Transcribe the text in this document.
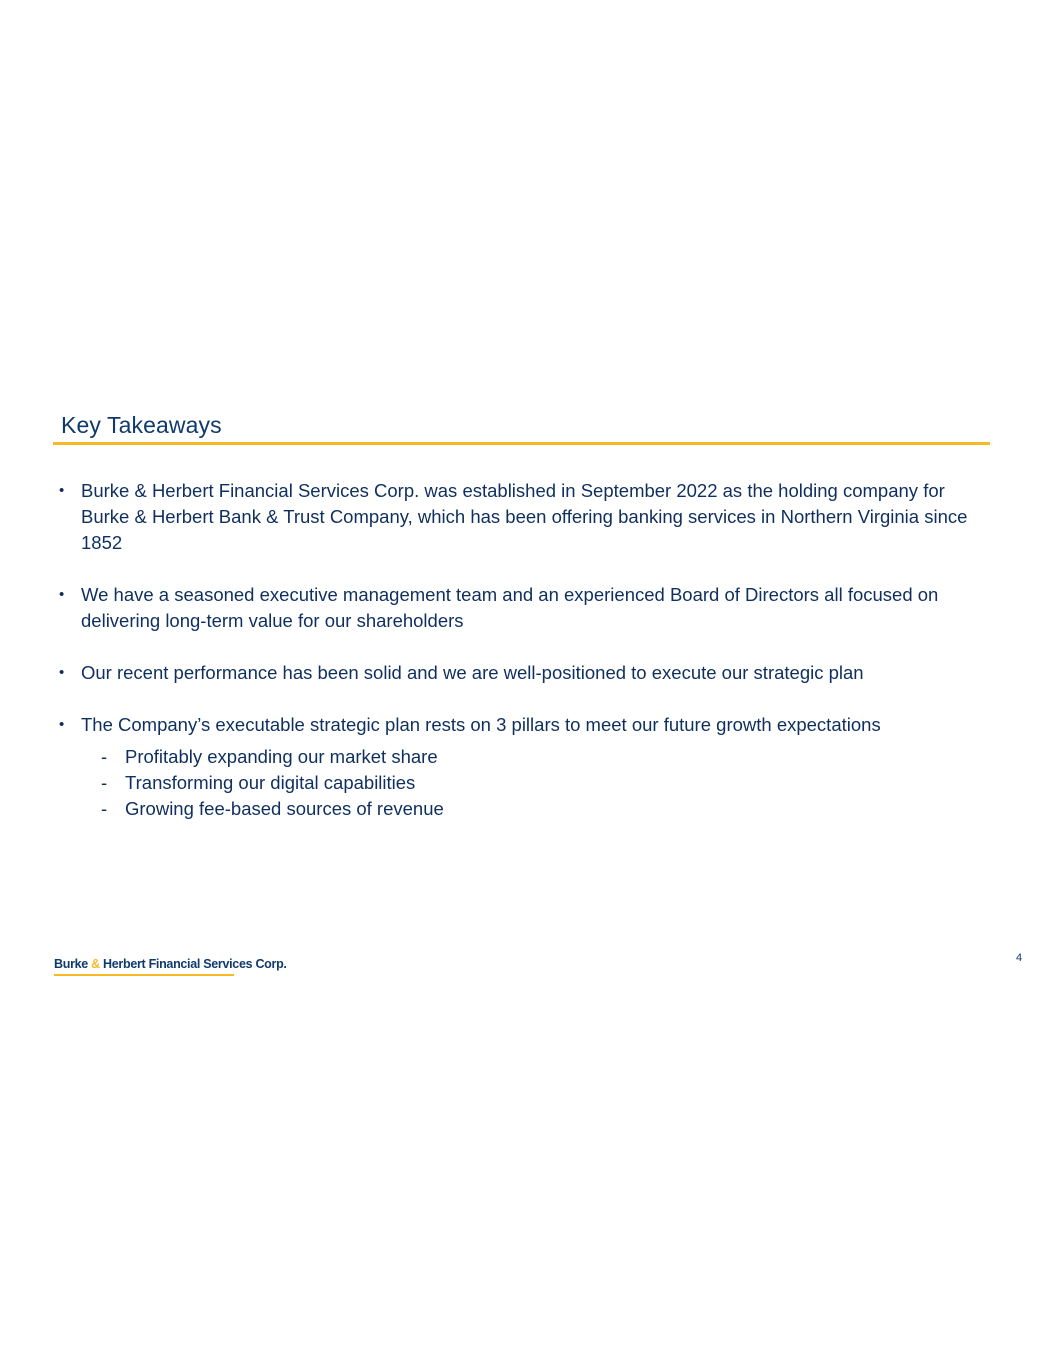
Key Takeaways
• Burke & Herbert Financial Services Corp. was established in September 2022 as the holding company for Burke & Herbert Bank & Trust Company, which has been offering banking services in Northern Virginia since 1852
• We have a seasoned executive management team and an experienced Board of Directors all focused on delivering long-term value for our shareholders
• Our recent performance has been solid and we are well-positioned to execute our strategic plan
• The Company’s executable strategic plan rests on 3 pillars to meet our future growth expectations
- Profitably expanding our market share
- Transforming our digital capabilities
- Growing fee-based sources of revenue
Burke & Herbert Financial Services Corp.	4
